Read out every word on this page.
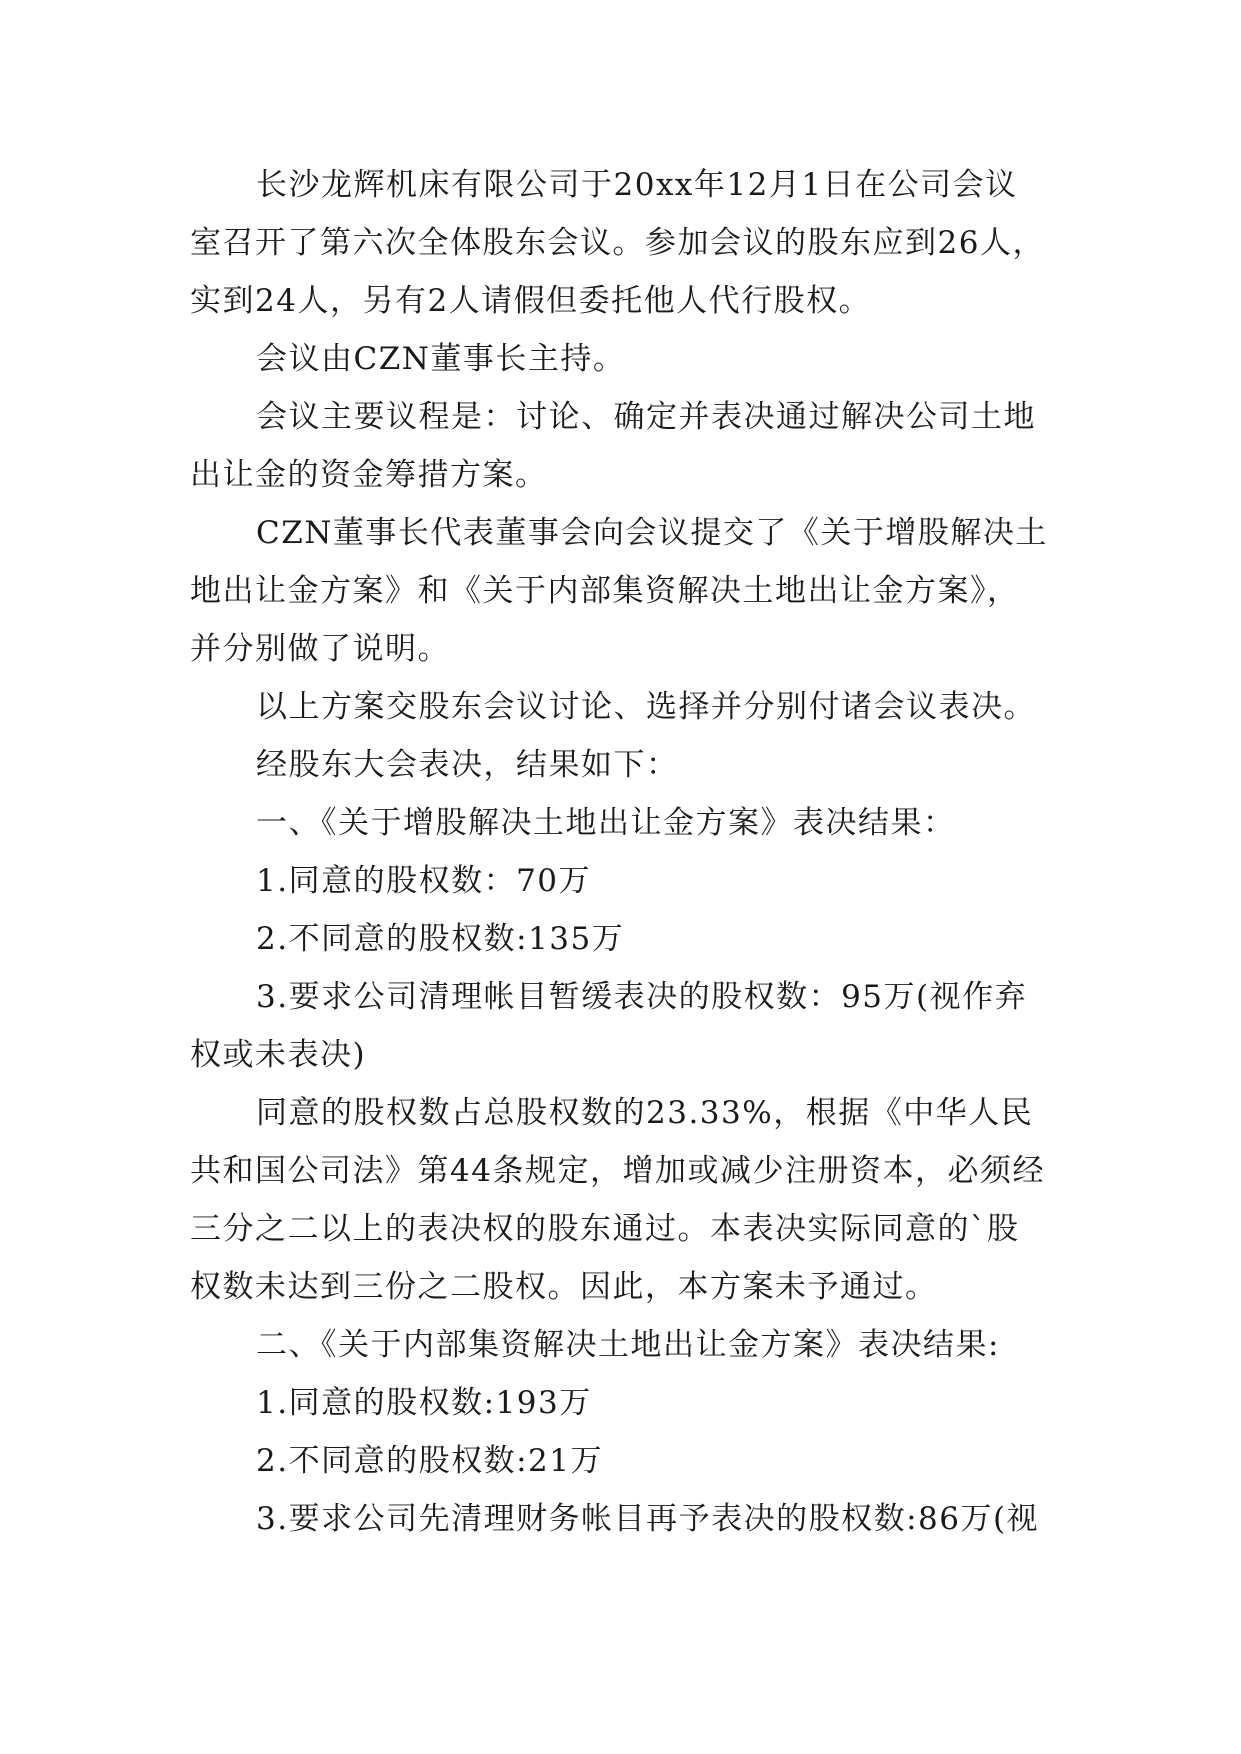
长沙龙辉机床有限公司于20xx年12月1日在公司会议室召开了第六次全体股东会议。参加会议的股东应到26人，实到24人，另有2人请假但委托他人代行股权。

会议由CZN董事长主持。

会议主要议程是：讨论、确定并表决通过解决公司土地出让金的资金筹措方案。

CZN董事长代表董事会向会议提交了《关于增股解决土地出让金方案》和《关于内部集资解决土地出让金方案》，并分别做了说明。

以上方案交股东会议讨论、选择并分别付诸会议表决。

经股东大会表决，结果如下：

一、《关于增股解决土地出让金方案》表决结果：

1.同意的股权数：70万

2.不同意的股权数:135万

3.要求公司清理帐目暂缓表决的股权数：95万(视作弃权或未表决)

同意的股权数占总股权数的23.33%，根据《中华人民共和国公司法》第44条规定，增加或减少注册资本，必须经三分之二以上的表决权的股东通过。本表决实际同意的`股权数未达到三份之二股权。因此，本方案未予通过。

二、《关于内部集资解决土地出让金方案》表决结果:

1.同意的股权数:193万

2.不同意的股权数:21万

3.要求公司先清理财务帐目再予表决的股权数:86万(视
